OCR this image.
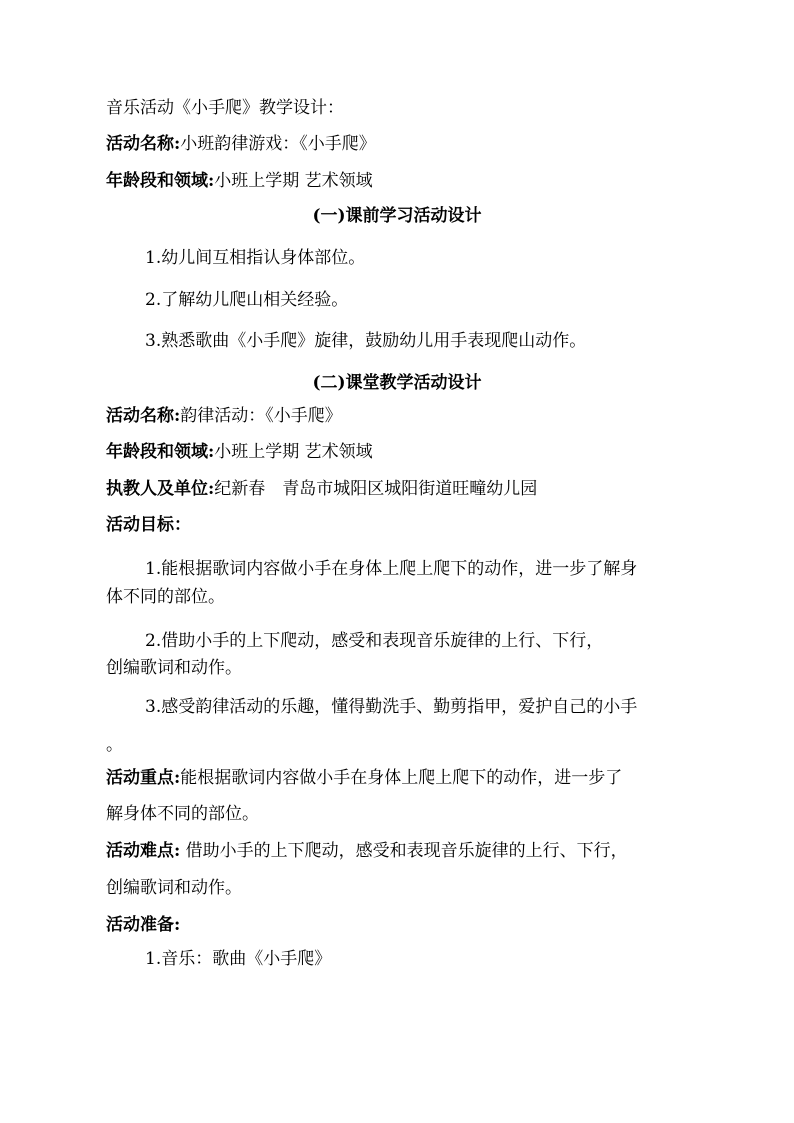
音乐活动《小手爬》教学设计：
活动名称:小班韵律游戏：《小手爬》
年龄段和领域:小班上学期 艺术领域
(一)课前学习活动设计
1.幼儿间互相指认身体部位。
2.了解幼儿爬山相关经验。
3.熟悉歌曲《小手爬》旋律，鼓励幼儿用手表现爬山动作。
(二)课堂教学活动设计
活动名称:韵律活动：《小手爬》
年龄段和领域:小班上学期 艺术领域
执教人及单位:纪新春　青岛市城阳区城阳街道旺疃幼儿园
活动目标：
1.能根据歌词内容做小手在身体上爬上爬下的动作，进一步了解身
体不同的部位。
2.借助小手的上下爬动，感受和表现音乐旋律的上行、下行，
创编歌词和动作。
3.感受韵律活动的乐趣，懂得勤洗手、勤剪指甲，爱护自己的小手
。
活动重点:能根据歌词内容做小手在身体上爬上爬下的动作，进一步了
解身体不同的部位。
活动难点: 借助小手的上下爬动，感受和表现音乐旋律的上行、下行，
创编歌词和动作。
活动准备:
1.音乐：歌曲《小手爬》
